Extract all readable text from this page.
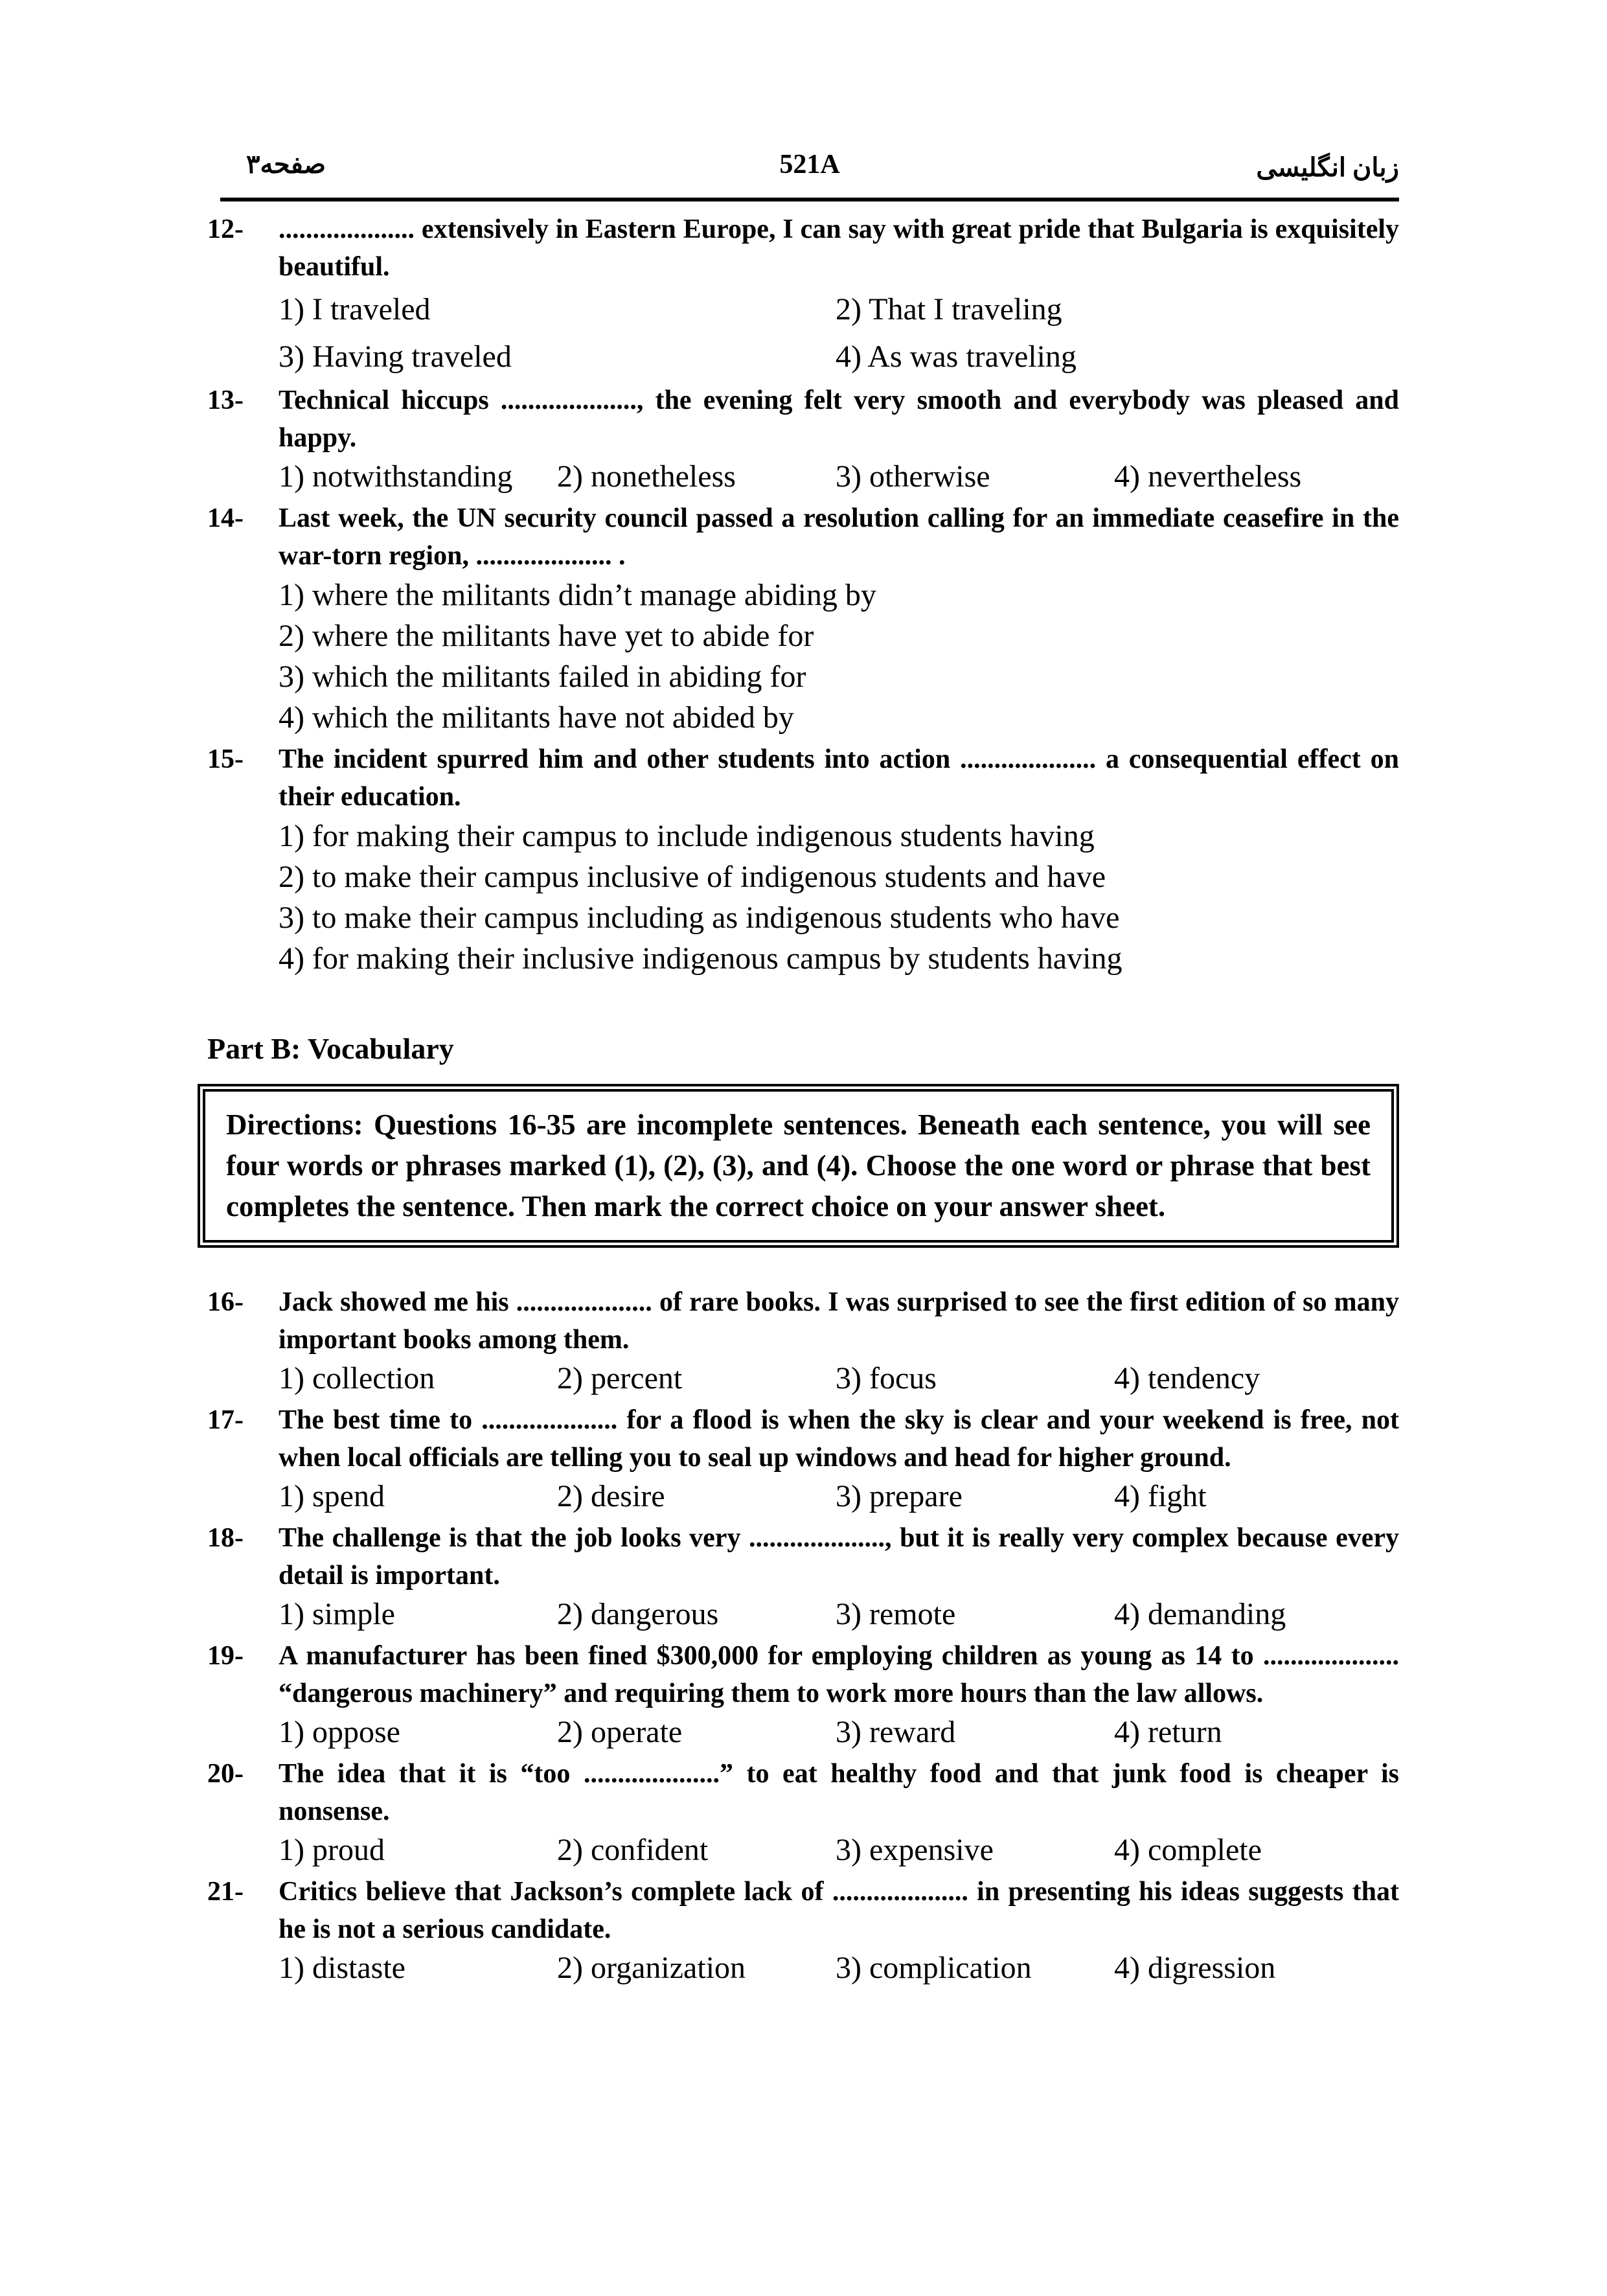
صفحه۳	521A	زبان انگلیسی
12- .................... extensively in Eastern Europe, I can say with great pride that Bulgaria is exquisitely beautiful.
1) I traveled	2) That I traveling
3) Having traveled	4) As was traveling
13- Technical hiccups ...................., the evening felt very smooth and everybody was pleased and happy.
1) notwithstanding	2) nonetheless	3) otherwise	4) nevertheless
14- Last week, the UN security council passed a resolution calling for an immediate ceasefire in the war-torn region, .................... .
1) where the militants didn’t manage abiding by
2) where the militants have yet to abide for
3) which the militants failed in abiding for
4) which the militants have not abided by
15- The incident spurred him and other students into action .................... a consequential effect on their education.
1) for making their campus to include indigenous students having
2) to make their campus inclusive of indigenous students and have
3) to make their campus including as indigenous students who have
4) for making their inclusive indigenous campus by students having
Part B: Vocabulary
Directions: Questions 16-35 are incomplete sentences. Beneath each sentence, you will see four words or phrases marked (1), (2), (3), and (4). Choose the one word or phrase that best completes the sentence. Then mark the correct choice on your answer sheet.
16- Jack showed me his .................... of rare books. I was surprised to see the first edition of so many important books among them.
1) collection	2) percent	3) focus	4) tendency
17- The best time to .................... for a flood is when the sky is clear and your weekend is free, not when local officials are telling you to seal up windows and head for higher ground.
1) spend	2) desire	3) prepare	4) fight
18- The challenge is that the job looks very ...................., but it is really very complex because every detail is important.
1) simple	2) dangerous	3) remote	4) demanding
19- A manufacturer has been fined $300,000 for employing children as young as 14 to .................... “dangerous machinery” and requiring them to work more hours than the law allows.
1) oppose	2) operate	3) reward	4) return
20- The idea that it is “too ....................” to eat healthy food and that junk food is cheaper is nonsense.
1) proud	2) confident	3) expensive	4) complete
21- Critics believe that Jackson’s complete lack of .................... in presenting his ideas suggests that he is not a serious candidate.
1) distaste	2) organization	3) complication	4) digression
